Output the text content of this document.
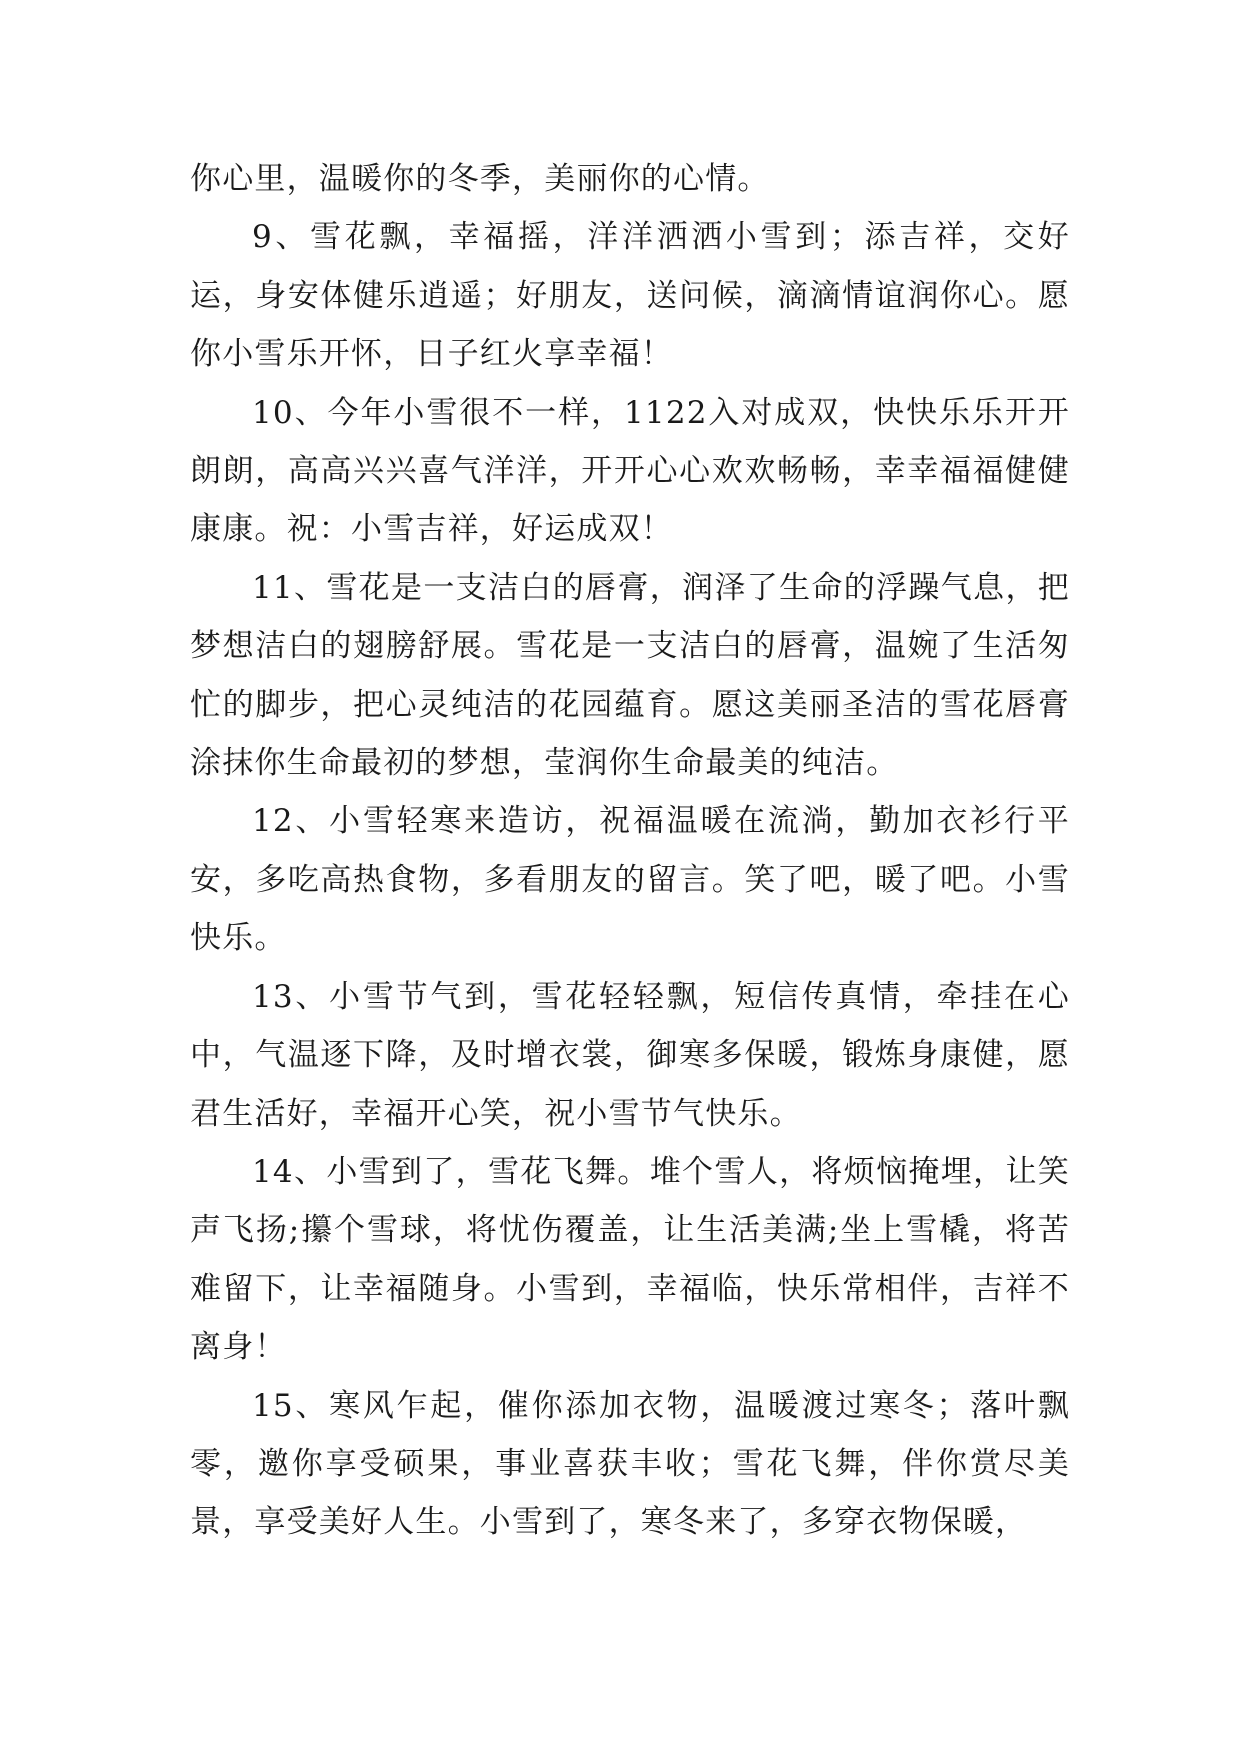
你心里，温暖你的冬季，美丽你的心情。

9、雪花飘，幸福摇，洋洋洒洒小雪到；添吉祥，交好运，身安体健乐逍遥；好朋友，送问候，滴滴情谊润你心。愿你小雪乐开怀，日子红火享幸福！

10、今年小雪很不一样，1122入对成双，快快乐乐开开朗朗，高高兴兴喜气洋洋，开开心心欢欢畅畅，幸幸福福健健康康。祝：小雪吉祥，好运成双！

11、雪花是一支洁白的唇膏，润泽了生命的浮躁气息，把梦想洁白的翅膀舒展。雪花是一支洁白的唇膏，温婉了生活匆忙的脚步，把心灵纯洁的花园蕴育。愿这美丽圣洁的雪花唇膏涂抹你生命最初的梦想，莹润你生命最美的纯洁。

12、小雪轻寒来造访，祝福温暖在流淌，勤加衣衫行平安，多吃高热食物，多看朋友的留言。笑了吧，暖了吧。小雪快乐。

13、小雪节气到，雪花轻轻飘，短信传真情，牵挂在心中，气温逐下降，及时增衣裳，御寒多保暖，锻炼身康健，愿君生活好，幸福开心笑，祝小雪节气快乐。

14、小雪到了，雪花飞舞。堆个雪人，将烦恼掩埋，让笑声飞扬;攥个雪球，将忧伤覆盖，让生活美满;坐上雪橇，将苦难留下，让幸福随身。小雪到，幸福临，快乐常相伴，吉祥不离身！

15、寒风乍起，催你添加衣物，温暖渡过寒冬；落叶飘零，邀你享受硕果，事业喜获丰收；雪花飞舞，伴你赏尽美景，享受美好人生。小雪到了，寒冬来了，多穿衣物保暖，
